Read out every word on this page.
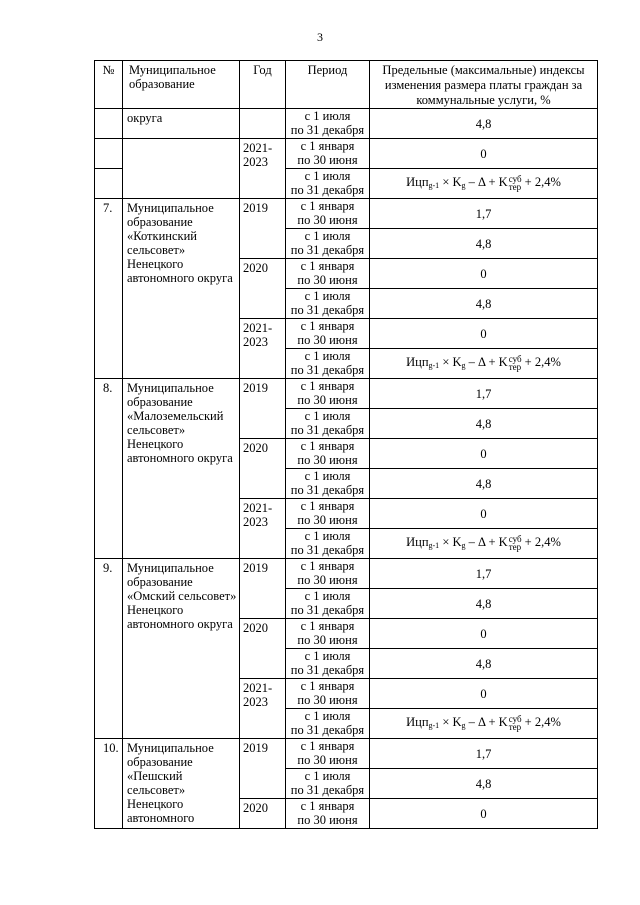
3
№	Муниципальное образование	Год	Период	Предельные (максимальные) индексы изменения размера платы граждан за коммунальные услуги, %
	округа		с 1 июля
по 31 декабря	4,8
		2021-2023	с 1 января
по 30 июня	0

			с 1 июля
по 31 декабря	$Ицп_{g-1} \times K_g - \Delta + K$ суб
тер + 2,4%
7.	Муниципальное образование «Коткинский сельсовет» Ненецкого автономного округа	2019	с 1 января
по 30 июня	1,7

			с 1 июля
по 31 декабря	4,8
		2020	с 1 января
по 30 июня	0

			с 1 июля
по 31 декабря	4,8
		2021-2023	с 1 января
по 30 июня	0

			с 1 июля
по 31 декабря	$Ицп_{g-1} \times K_g - \Delta + K$ суб
тер + 2,4%
8.	Муниципальное образование «Малоземельский сельсовет» Ненецкого автономного округа	2019	с 1 января
по 30 июня	1,7

			с 1 июля
по 31 декабря	4,8
		2020	с 1 января
по 30 июня	0

			с 1 июля
по 31 декабря	4,8
		2021-2023	с 1 января
по 30 июня	0

			с 1 июля
по 31 декабря	$Ицп_{g-1} \times K_g - \Delta + K$ суб
тер + 2,4%
9.	Муниципальное образование «Омский сельсовет» Ненецкого автономного округа	2019	с 1 января
по 30 июня	1,7

			с 1 июля
по 31 декабря	4,8
		2020	с 1 января
по 30 июня	0

			с 1 июля
по 31 декабря	4,8
		2021-2023	с 1 января
по 30 июня	0

			с 1 июля
по 31 декабря	$Ицп_{g-1} \times K_g - \Delta + K$ суб
тер + 2,4%
10.	Муниципальное образование «Пешский сельсовет» Ненецкого автономного	2019	с 1 января
по 30 июня	1,7

			с 1 июля
по 31 декабря	4,8
		2020	с 1 января
по 30 июня	0
